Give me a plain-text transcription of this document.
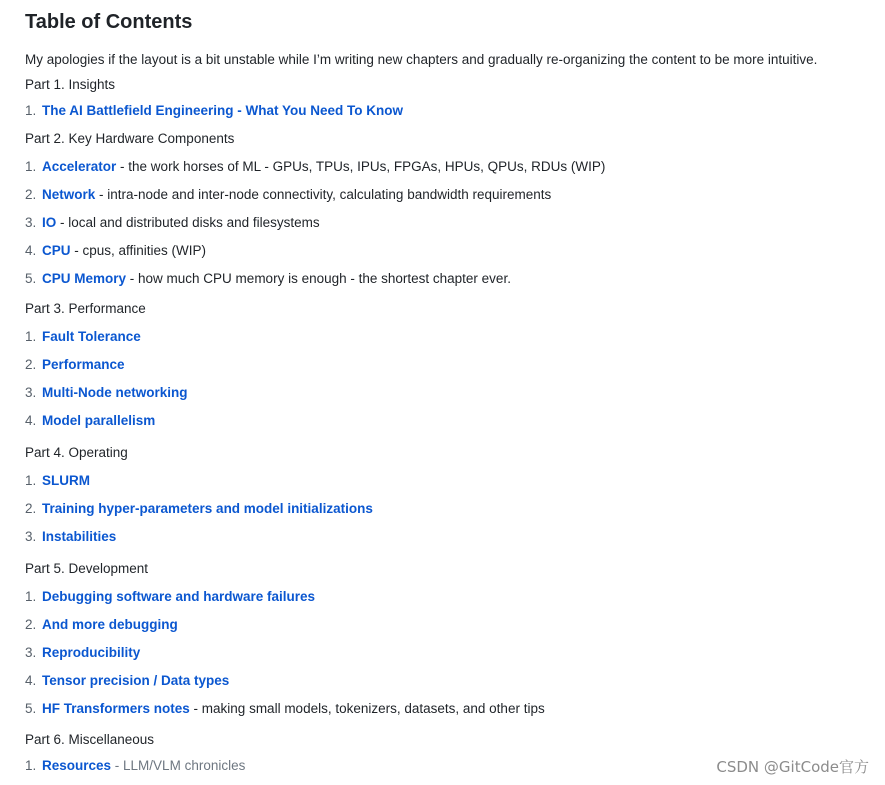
Table of Contents

My apologies if the layout is a bit unstable while I’m writing new chapters and gradually re-organizing the content to be more intuitive.

Part 1. Insights
1. The AI Battlefield Engineering - What You Need To Know
Part 2. Key Hardware Components
1. Accelerator - the work horses of ML - GPUs, TPUs, IPUs, FPGAs, HPUs, QPUs, RDUs (WIP)
2. Network - intra-node and inter-node connectivity, calculating bandwidth requirements
3. IO - local and distributed disks and filesystems
4. CPU - cpus, affinities (WIP)
5. CPU Memory - how much CPU memory is enough - the shortest chapter ever.
Part 3. Performance
1. Fault Tolerance
2. Performance
3. Multi-Node networking
4. Model parallelism
Part 4. Operating
1. SLURM
2. Training hyper-parameters and model initializations
3. Instabilities
Part 5. Development
1. Debugging software and hardware failures
2. And more debugging
3. Reproducibility
4. Tensor precision / Data types
5. HF Transformers notes - making small models, tokenizers, datasets, and other tips
Part 6. Miscellaneous
1. Resources - LLM/VLM chronicles	CSDN @GitCode官方
